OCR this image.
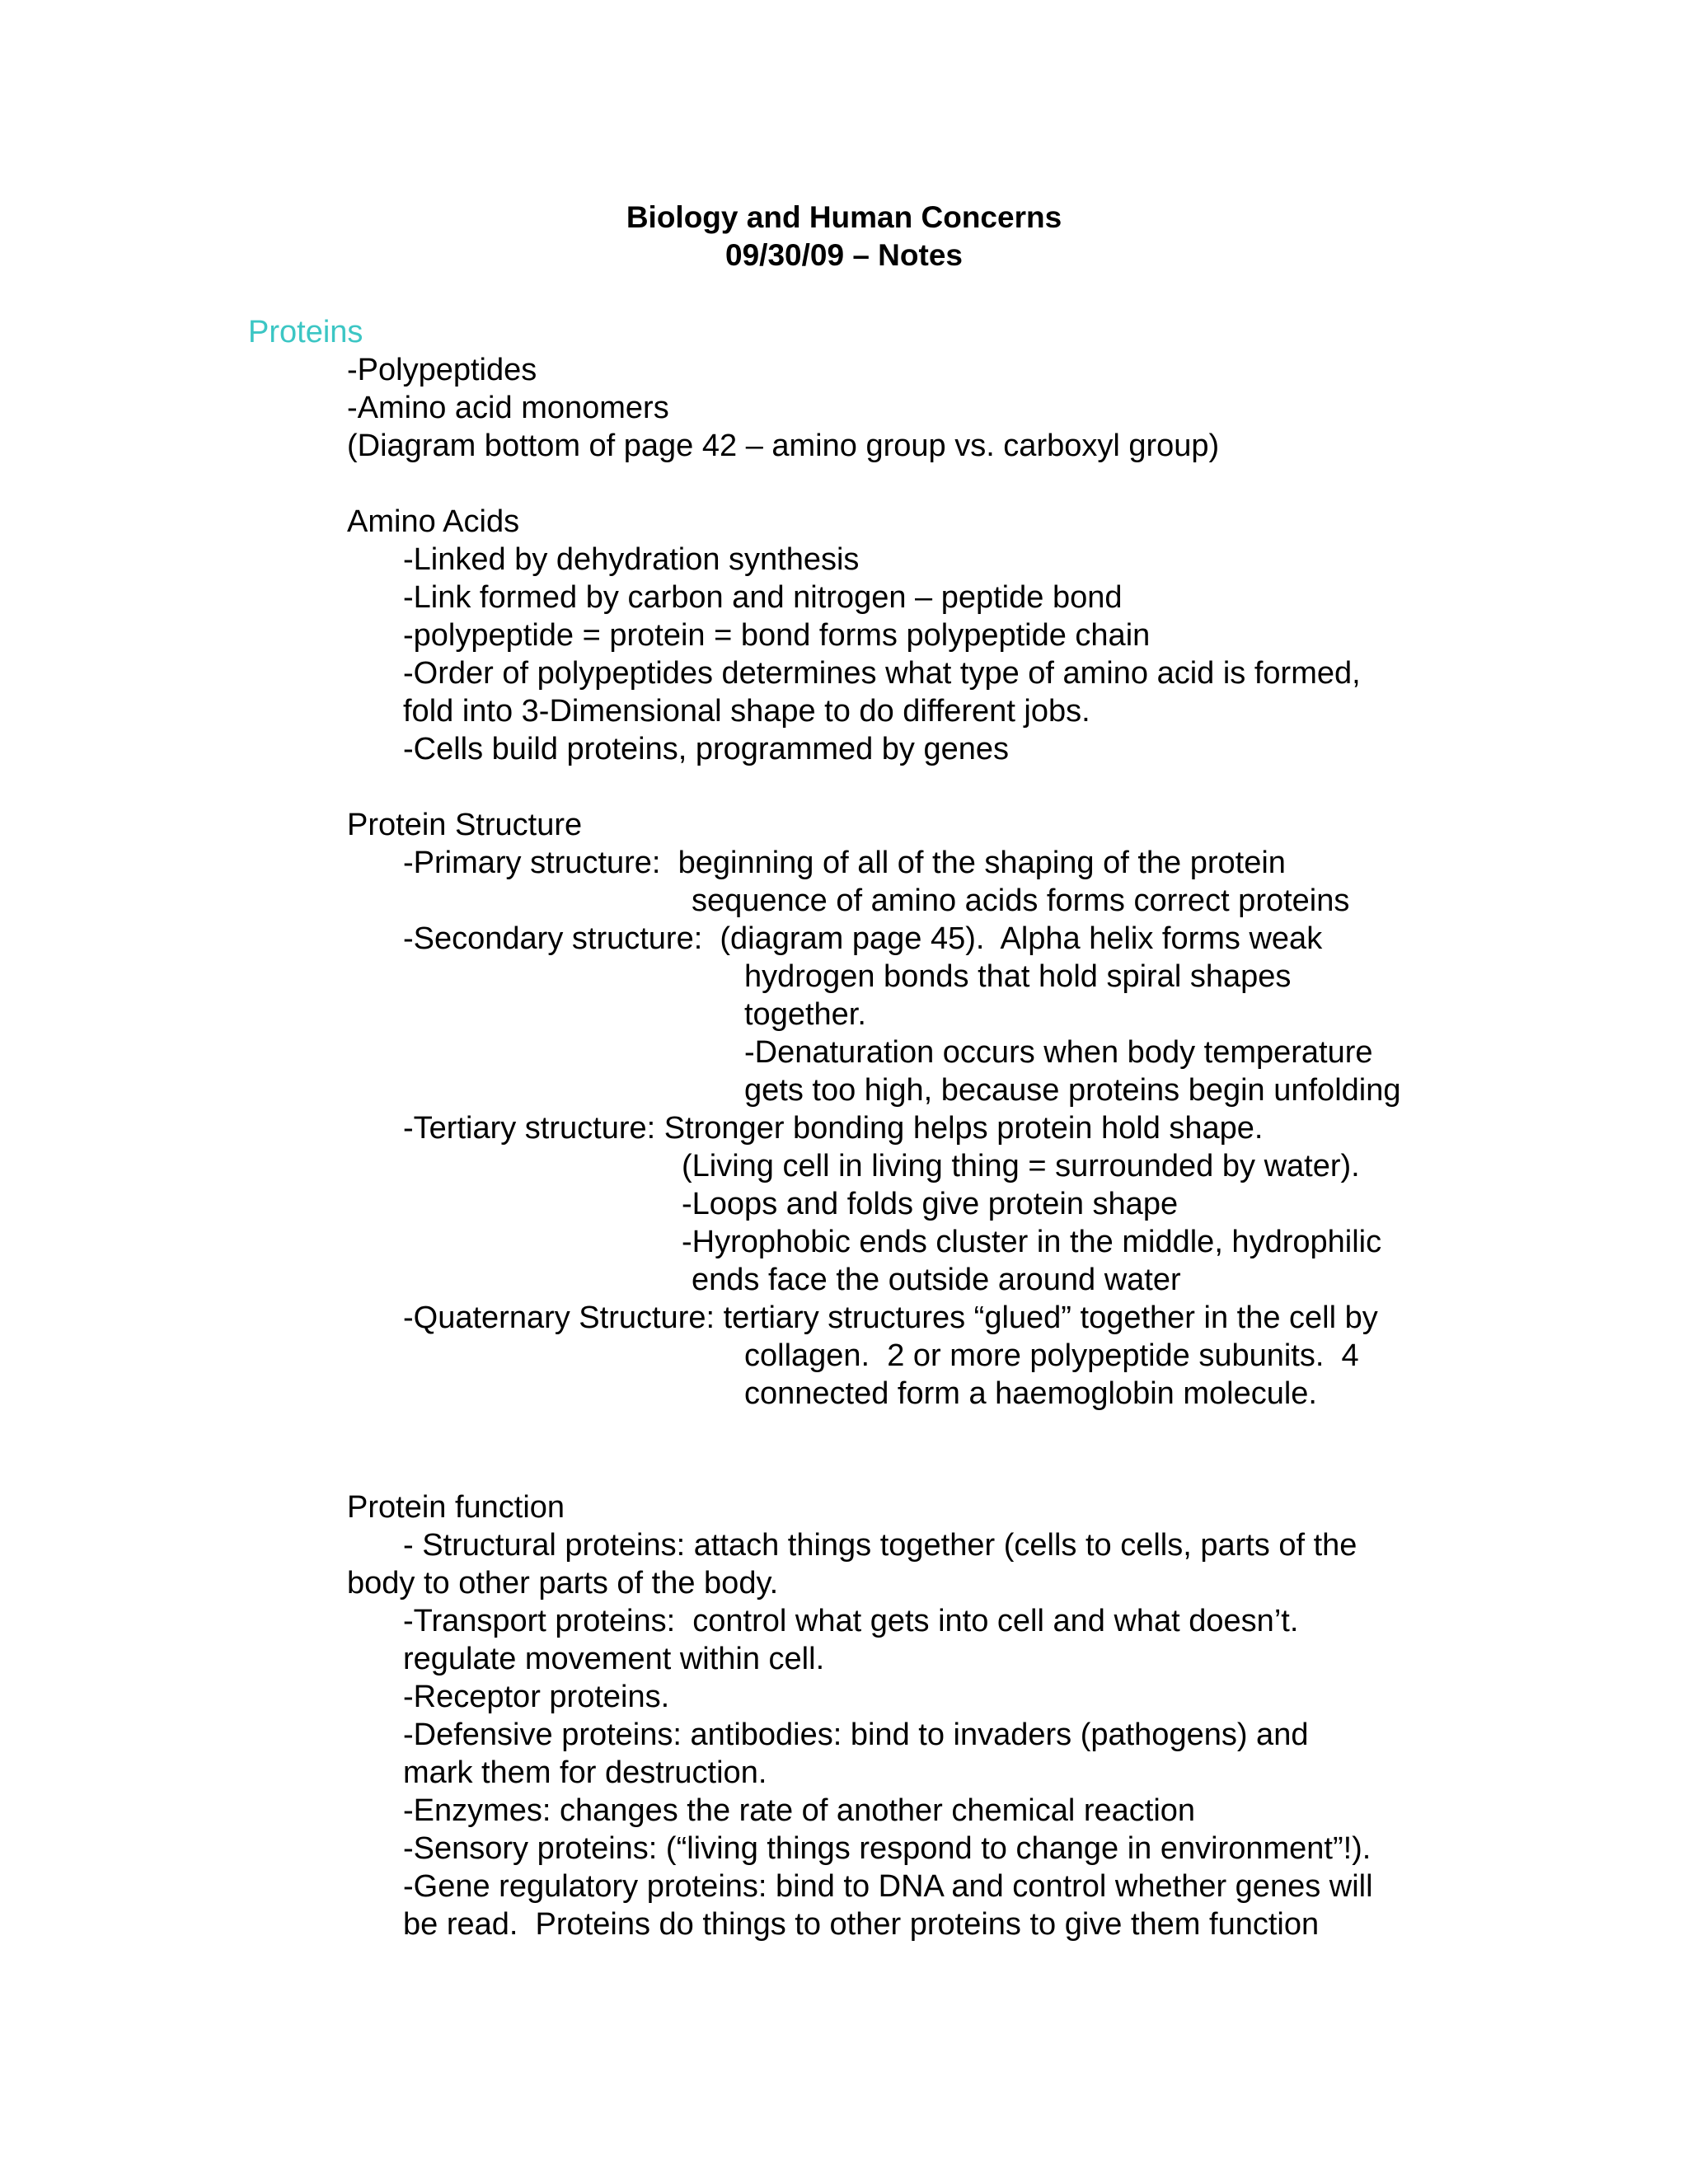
Biology and Human Concerns

09/30/09 – Notes

Proteins

-Polypeptides

-Amino acid monomers

(Diagram bottom of page 42 – amino group vs. carboxyl group)

Amino Acids

-Linked by dehydration synthesis

-Link formed by carbon and nitrogen – peptide bond

-polypeptide = protein = bond forms polypeptide chain

-Order of polypeptides determines what type of amino acid is formed,

fold into 3-Dimensional shape to do different jobs.

-Cells build proteins, programmed by genes

Protein Structure

-Primary structure:  beginning of all of the shaping of the protein

sequence of amino acids forms correct proteins

-Secondary structure:  (diagram page 45).  Alpha helix forms weak

hydrogen bonds that hold spiral shapes

together.

-Denaturation occurs when body temperature

gets too high, because proteins begin unfolding

-Tertiary structure: Stronger bonding helps protein hold shape.

(Living cell in living thing = surrounded by water).

-Loops and folds give protein shape

-Hyrophobic ends cluster in the middle, hydrophilic

ends face the outside around water

-Quaternary Structure: tertiary structures “glued” together in the cell by

collagen.  2 or more polypeptide subunits.  4

connected form a haemoglobin molecule.

Protein function

- Structural proteins: attach things together (cells to cells, parts of the

body to other parts of the body.

-Transport proteins:  control what gets into cell and what doesn’t.

regulate movement within cell.

-Receptor proteins.

-Defensive proteins: antibodies: bind to invaders (pathogens) and

mark them for destruction.

-Enzymes: changes the rate of another chemical reaction

-Sensory proteins: (“living things respond to change in environment”!).

-Gene regulatory proteins: bind to DNA and control whether genes will

be read.  Proteins do things to other proteins to give them function
